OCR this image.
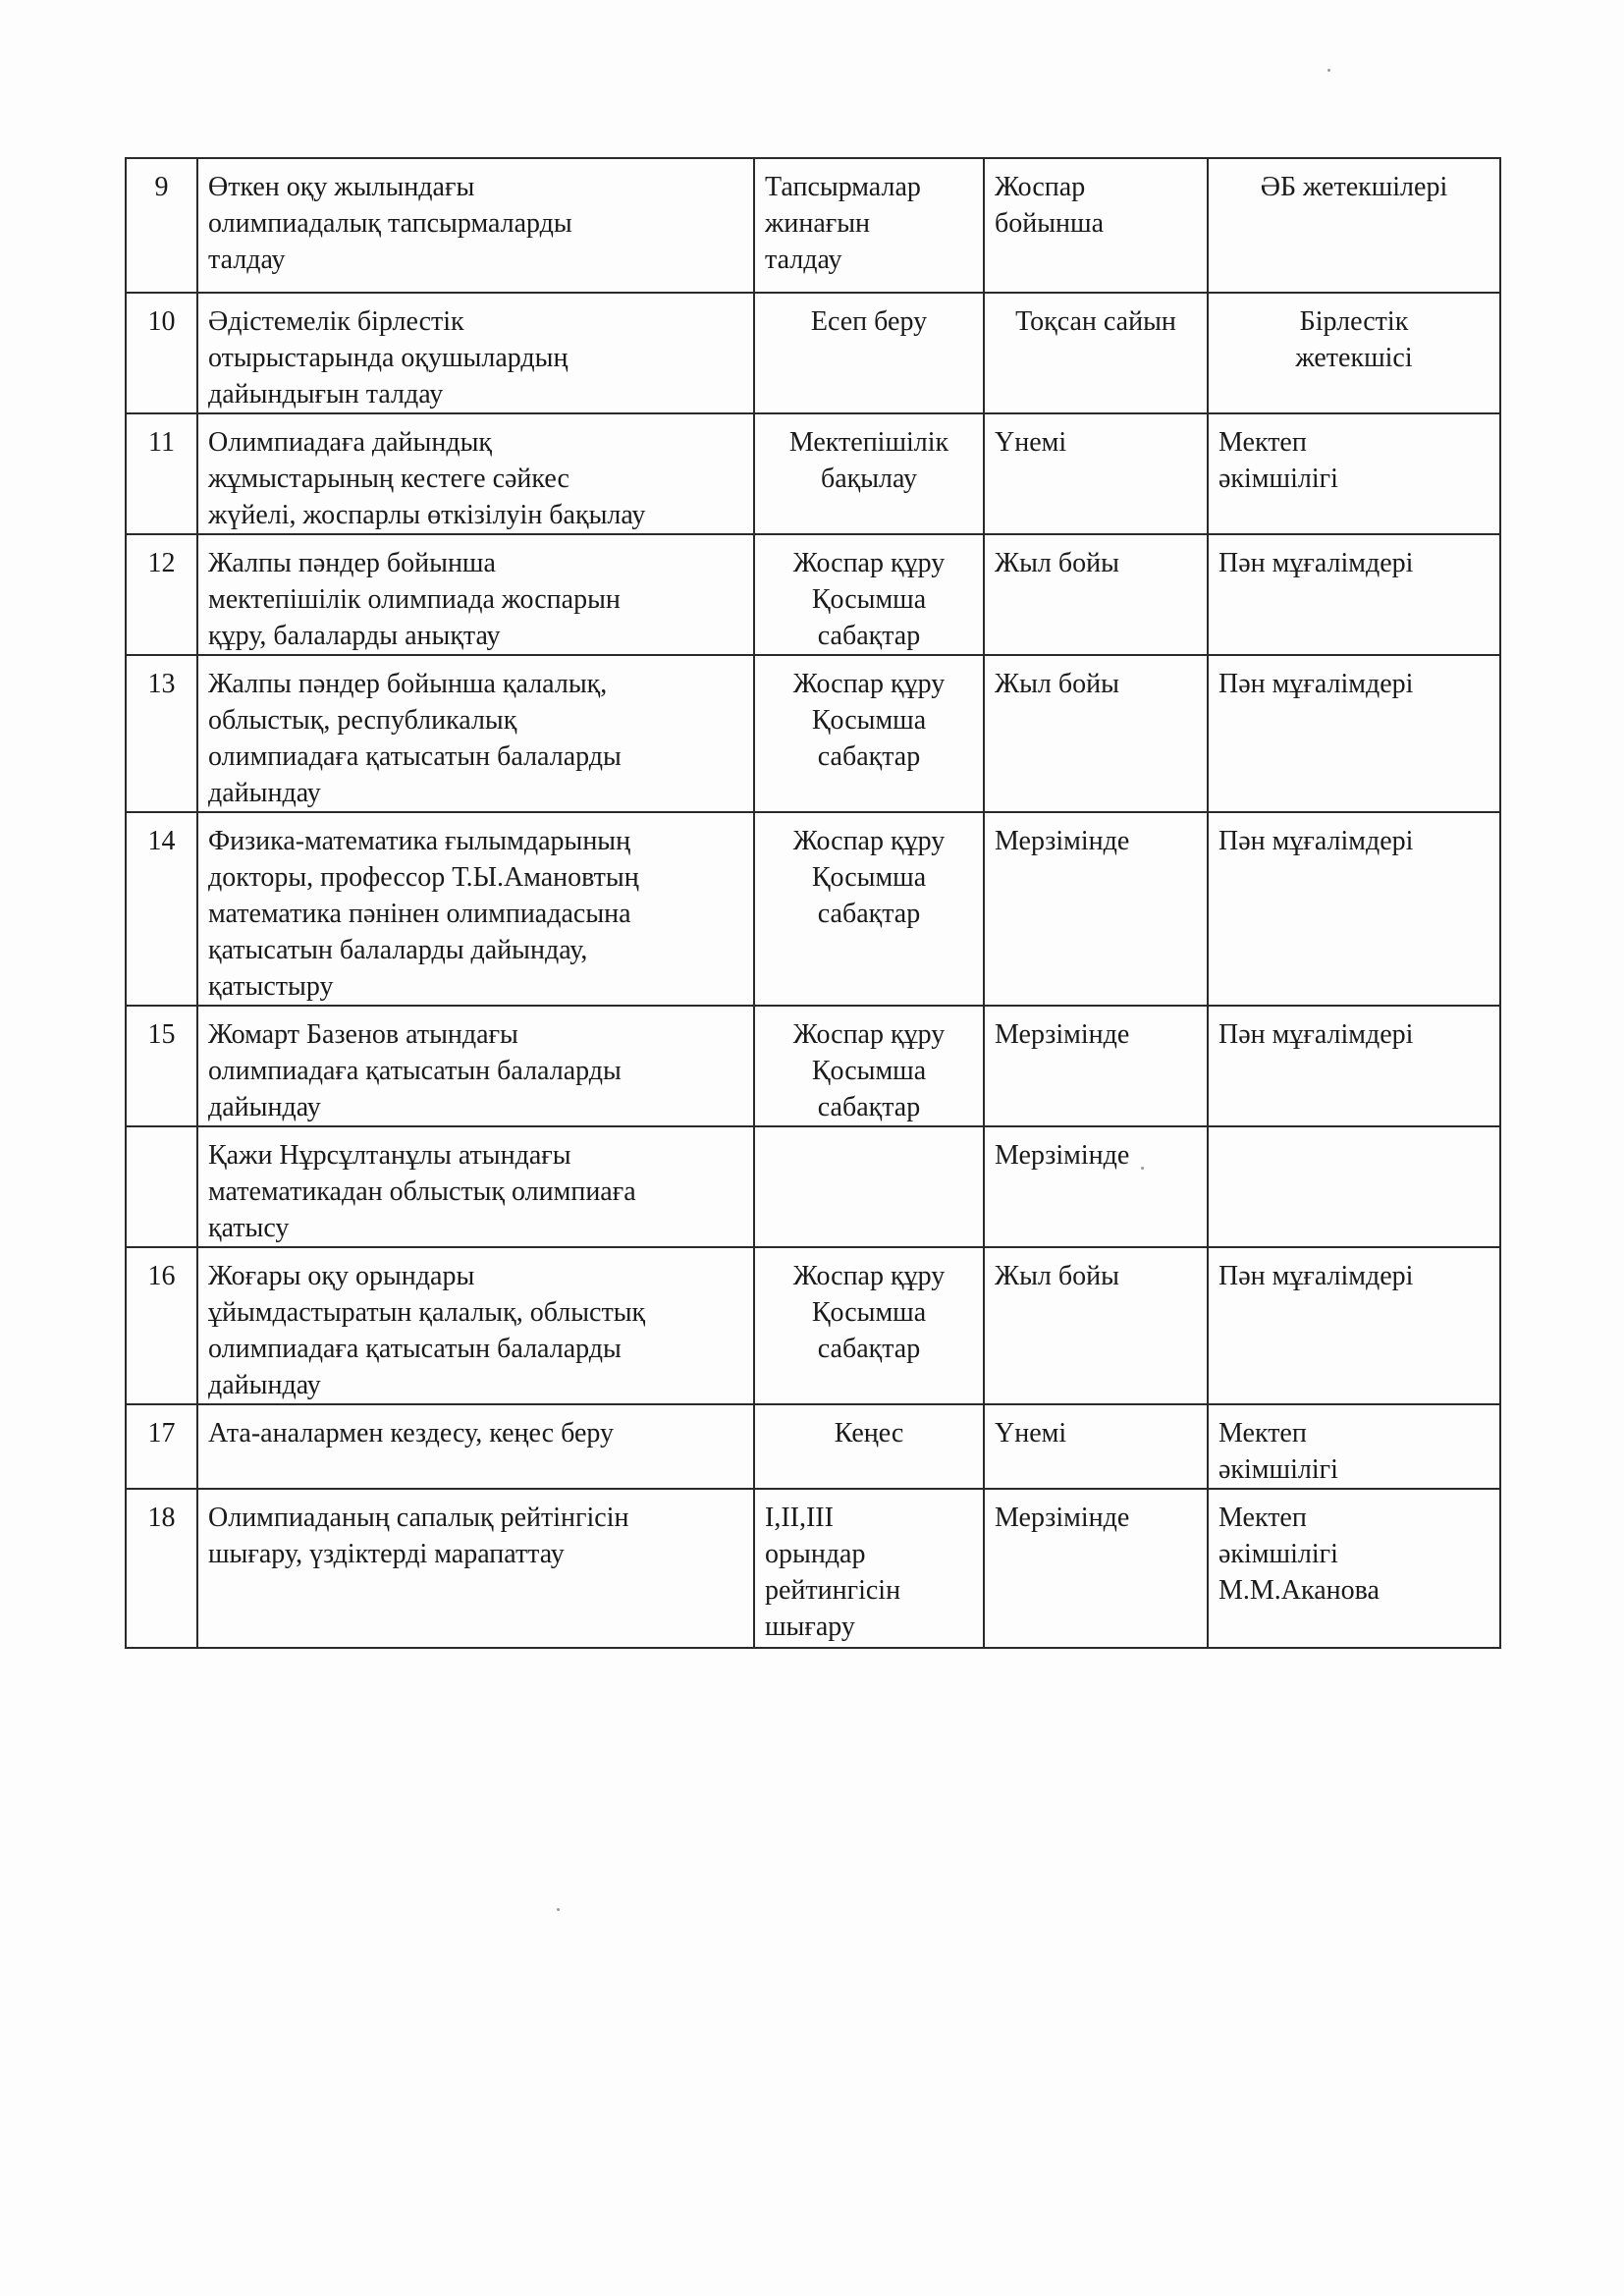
9	Өткен оқу жылындағы
олимпиадалық тапсырмаларды
талдау	Тапсырмалар
жинағын
талдау	Жоспар
бойынша	ӘБ жетекшілері
10	Әдістемелік бірлестік
отырыстарында оқушылардың
дайындығын талдау	Есеп беру	Тоқсан сайын	Бірлестік
жетекшісі
11	Олимпиадаға дайындық
жұмыстарының кестеге сәйкес
жүйелі, жоспарлы өткізілуін бақылау	Мектепішілік
бақылау	Үнемі	Мектеп
әкімшілігі
12	Жалпы пәндер бойынша
мектепішілік олимпиада жоспарын
құру, балаларды анықтау	Жоспар құру
Қосымша
сабақтар	Жыл бойы	Пән мұғалімдері
13	Жалпы пәндер бойынша қалалық,
облыстық, республикалық
олимпиадаға қатысатын балаларды
дайындау	Жоспар құру
Қосымша
сабақтар	Жыл бойы	Пән мұғалімдері
14	Физика-математика ғылымдарының
докторы, профессор Т.Ы.Амановтың
математика пәнінен олимпиадасына
қатысатын балаларды дайындау,
қатыстыру	Жоспар құру
Қосымша
сабақтар	Мерзімінде	Пән мұғалімдері
15	Жомарт Базенов атындағы
олимпиадаға қатысатын балаларды
дайындау	Жоспар құру
Қосымша
сабақтар	Мерзімінде	Пән мұғалімдері
	Қажи Нұрсұлтанұлы атындағы
математикадан облыстық олимпиаға
қатысу		Мерзімінде	
16	Жоғары оқу орындары
ұйымдастыратын қалалық, облыстық
олимпиадаға қатысатын балаларды
дайындау	Жоспар құру
Қосымша
сабақтар	Жыл бойы	Пән мұғалімдері
17	Ата-аналармен кездесу, кеңес беру	Кеңес	Үнемі	Мектеп
әкімшілігі
18	Олимпиаданың сапалық рейтінгісін
шығару, үздіктерді марапаттау	I,II,III
орындар
рейтингісін
шығару	Мерзімінде	Мектеп
әкімшілігі
М.М.Аканова
